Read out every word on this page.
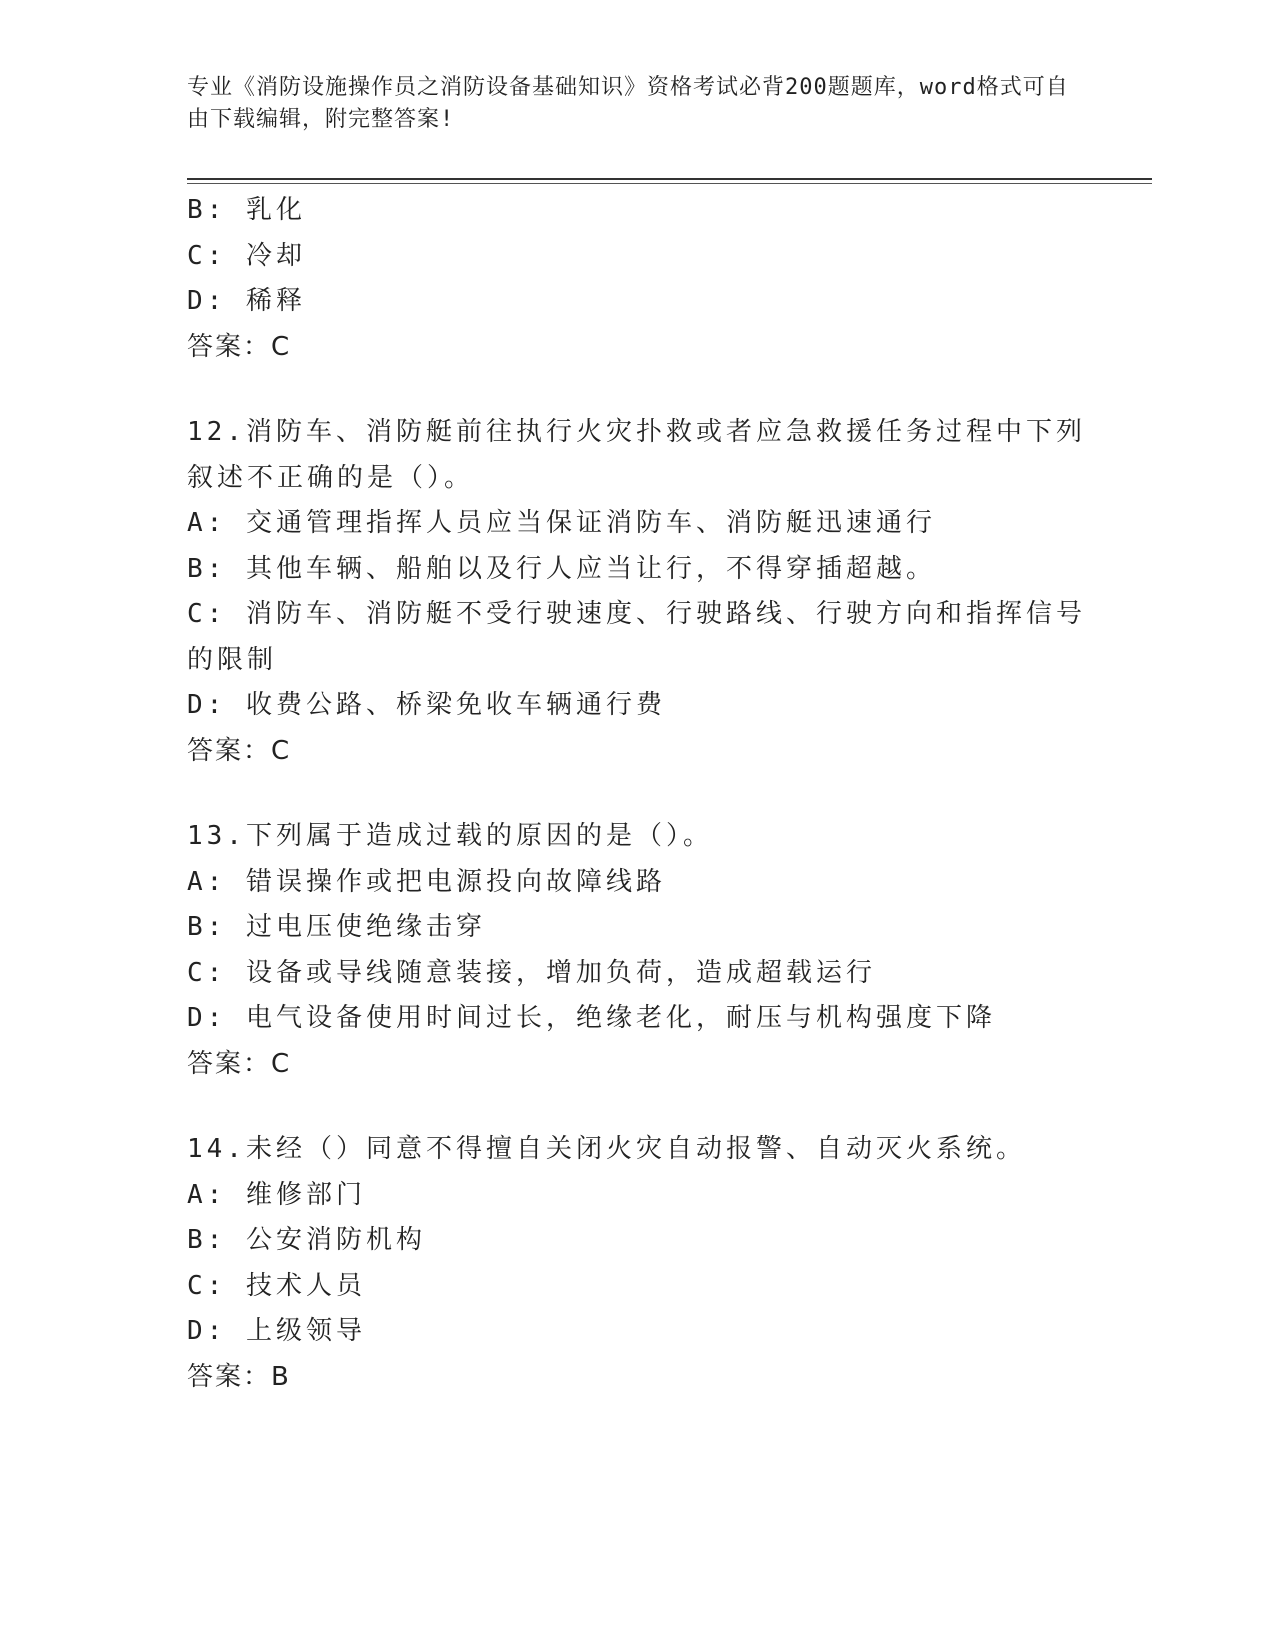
专业《消防设施操作员之消防设备基础知识》资格考试必背200题题库，word格式可自由下载编辑，附完整答案!
B: 乳化
C: 冷却
D: 稀释
答案：C
12.消防车、消防艇前往执行火灾扑救或者应急救援任务过程中下列叙述不正确的是（）。
A: 交通管理指挥人员应当保证消防车、消防艇迅速通行
B: 其他车辆、船舶以及行人应当让行，不得穿插超越。
C: 消防车、消防艇不受行驶速度、行驶路线、行驶方向和指挥信号的限制
D: 收费公路、桥梁免收车辆通行费
答案：C
13.下列属于造成过载的原因的是（）。
A: 错误操作或把电源投向故障线路
B: 过电压使绝缘击穿
C: 设备或导线随意装接，增加负荷，造成超载运行
D: 电气设备使用时间过长，绝缘老化，耐压与机构强度下降
答案：C
14.未经（）同意不得擅自关闭火灾自动报警、自动灭火系统。
A: 维修部门
B: 公安消防机构
C: 技术人员
D: 上级领导
答案：B
